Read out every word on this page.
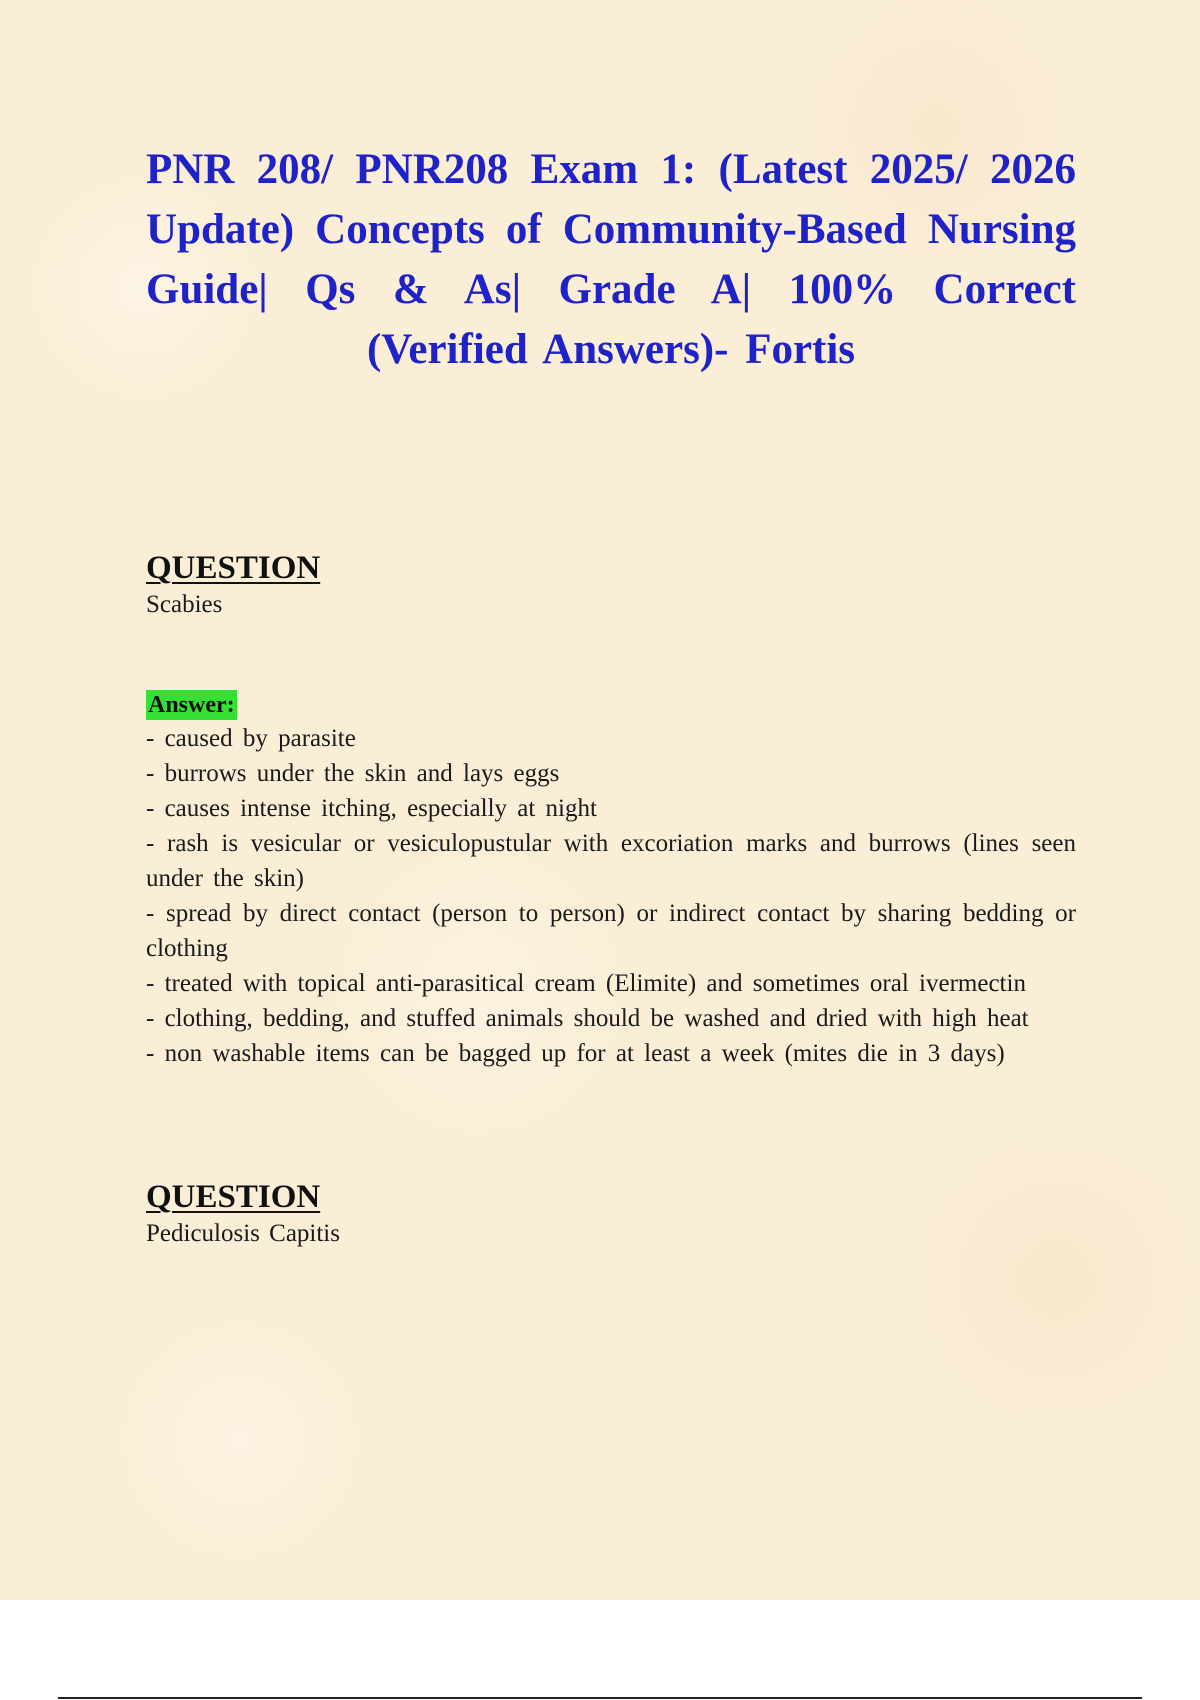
PNR 208/ PNR208 Exam 1: (Latest 2025/ 2026 Update) Concepts of Community-Based Nursing Guide| Qs & As| Grade A| 100% Correct (Verified Answers)- Fortis
QUESTION

Scabies

Answer:
- caused by parasite
- burrows under the skin and lays eggs
- causes intense itching, especially at night
- rash is vesicular or vesiculopustular with excoriation marks and burrows (lines seen under the skin)
- spread by direct contact (person to person) or indirect contact by sharing bedding or clothing
- treated with topical anti-parasitical cream (Elimite) and sometimes oral ivermectin
- clothing, bedding, and stuffed animals should be washed and dried with high heat
- non washable items can be bagged up for at least a week (mites die in 3 days)
QUESTION

Pediculosis Capitis
